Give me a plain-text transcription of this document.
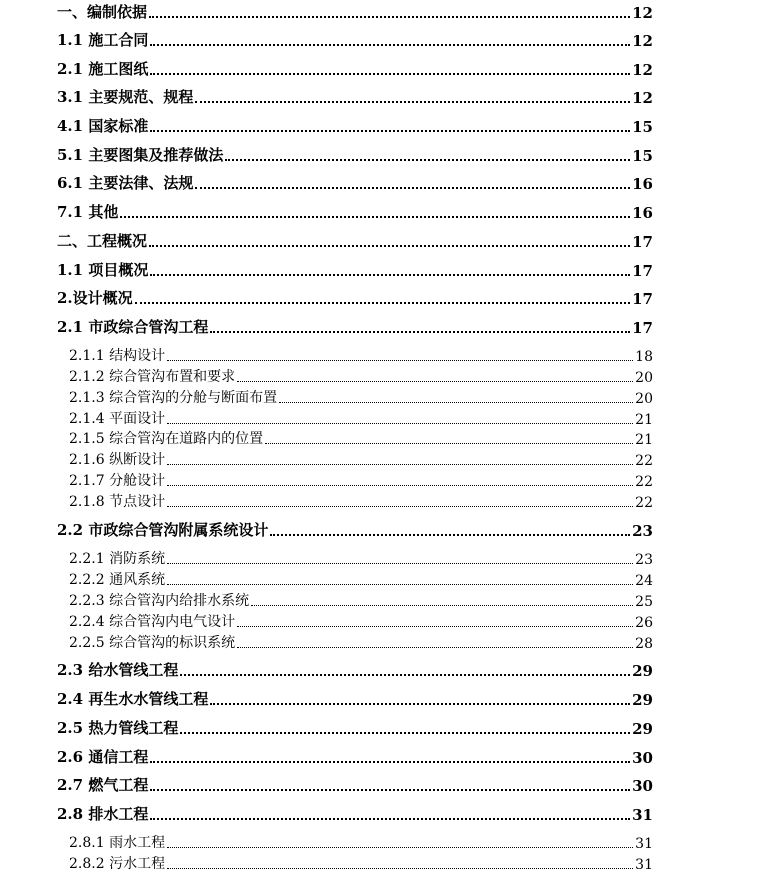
一、编制依据	12
1.1 施工合同	12
2.1 施工图纸	12
3.1 主要规范、规程	12
4.1 国家标准	15
5.1 主要图集及推荐做法	15
6.1 主要法律、法规	16
7.1 其他	16
二、工程概况	17
1.1 项目概况	17
2.设计概况	17
2.1 市政综合管沟工程	17
2.1.1 结构设计	18
2.1.2 综合管沟布置和要求	20
2.1.3 综合管沟的分舱与断面布置	20
2.1.4 平面设计	21
2.1.5 综合管沟在道路内的位置	21
2.1.6 纵断设计	22
2.1.7 分舱设计	22
2.1.8 节点设计	22
2.2 市政综合管沟附属系统设计	23
2.2.1 消防系统	23
2.2.2 通风系统	24
2.2.3 综合管沟内给排水系统	25
2.2.4 综合管沟内电气设计	26
2.2.5 综合管沟的标识系统	28
2.3 给水管线工程	29
2.4 再生水水管线工程	29
2.5 热力管线工程	29
2.6 通信工程	30
2.7 燃气工程	30
2.8 排水工程	31
2.8.1 雨水工程	31
2.8.2 污水工程	31
